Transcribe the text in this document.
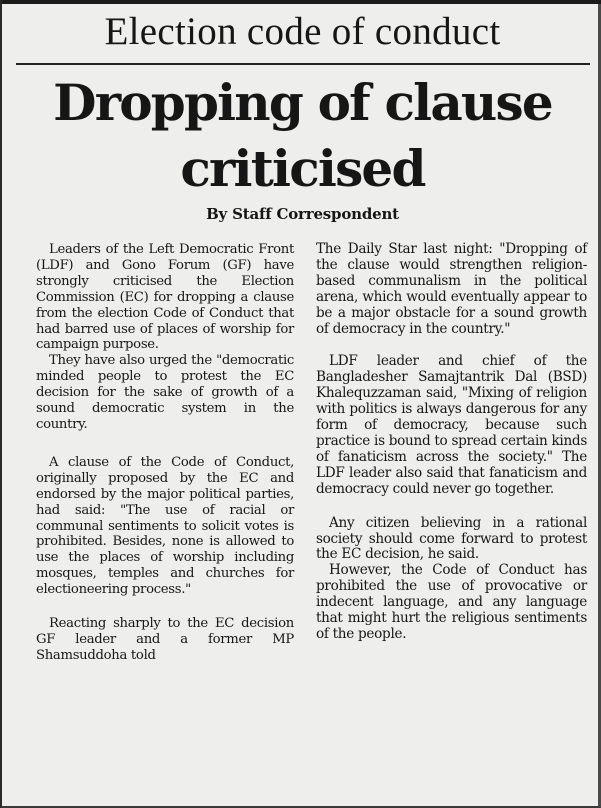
Election code of conduct
Dropping of clause
criticised
By Staff Correspondent

Leaders of the Left Democratic Front (LDF) and Gono Forum (GF) have strongly criticised the Election Commission (EC) for dropping a clause from the election Code of Conduct that had barred use of places of worship for campaign purpose.

They have also urged the "democratic minded people to protest the EC decision for the sake of growth of a sound democratic system in the country.

A clause of the Code of Conduct, originally proposed by the EC and endorsed by the major political parties, had said: "The use of racial or communal sentiments to solicit votes is prohibited. Besides, none is allowed to use the places of worship including mosques, temples and churches for electioneering process."

Reacting sharply to the EC decision GF leader and a former MP Shamsuddoha told

The Daily Star last night: "Dropping of the clause would strengthen religion-based communalism in the political arena, which would eventually appear to be a major obstacle for a sound growth of democracy in the country."

LDF leader and chief of the Bangladesher Samajtantrik Dal (BSD) Khalequzzaman said, "Mixing of religion with politics is always dangerous for any form of democracy, because such practice is bound to spread certain kinds of fanaticism across the society." The LDF leader also said that fanaticism and democracy could never go together.

Any citizen believing in a rational society should come forward to protest the EC decision, he said.

However, the Code of Conduct has prohibited the use of provocative or indecent language, and any language that might hurt the religious sentiments of the people.
